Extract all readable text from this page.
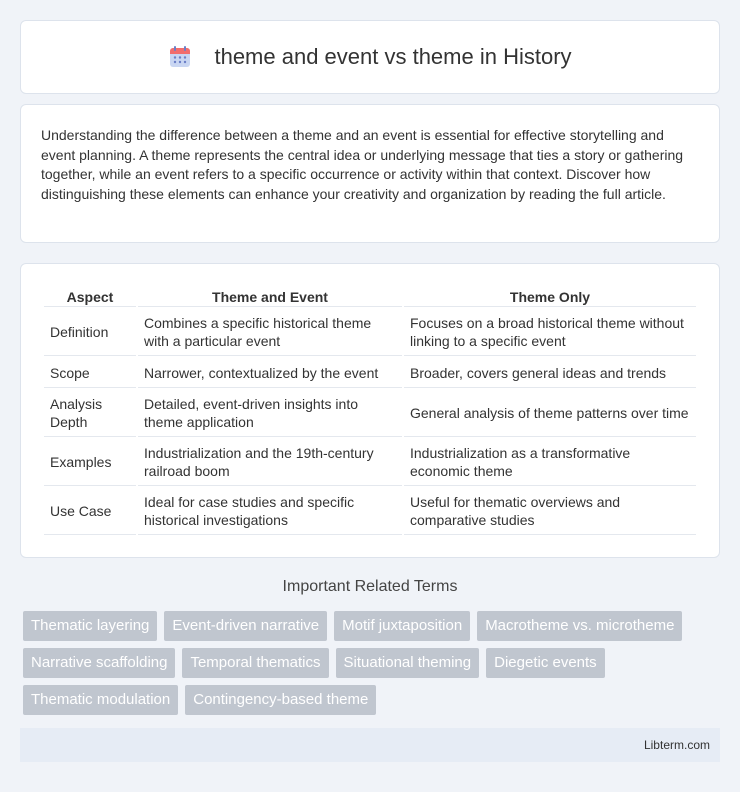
theme and event vs theme in History

Understanding the difference between a theme and an event is essential for effective storytelling and event planning. A theme represents the central idea or underlying message that ties a story or gathering together, while an event refers to a specific occurrence or activity within that context. Discover how distinguishing these elements can enhance your creativity and organization by reading the full article.

Aspect	Theme and Event	Theme Only
Definition	Combines a specific historical theme with a particular event	Focuses on a broad historical theme without linking to a specific event
Scope	Narrower, contextualized by the event	Broader, covers general ideas and trends
Analysis Depth	Detailed, event-driven insights into theme application	General analysis of theme patterns over time
Examples	Industrialization and the 19th-century railroad boom	Industrialization as a transformative economic theme
Use Case	Ideal for case studies and specific historical investigations	Useful for thematic overviews and comparative studies
Important Related Terms
Thematic layering	Event-driven narrative	Motif juxtaposition	Macrotheme vs. microtheme
Narrative scaffolding	Temporal thematics	Situational theming	Diegetic events
Thematic modulation	Contingency-based theme
Libterm.com
